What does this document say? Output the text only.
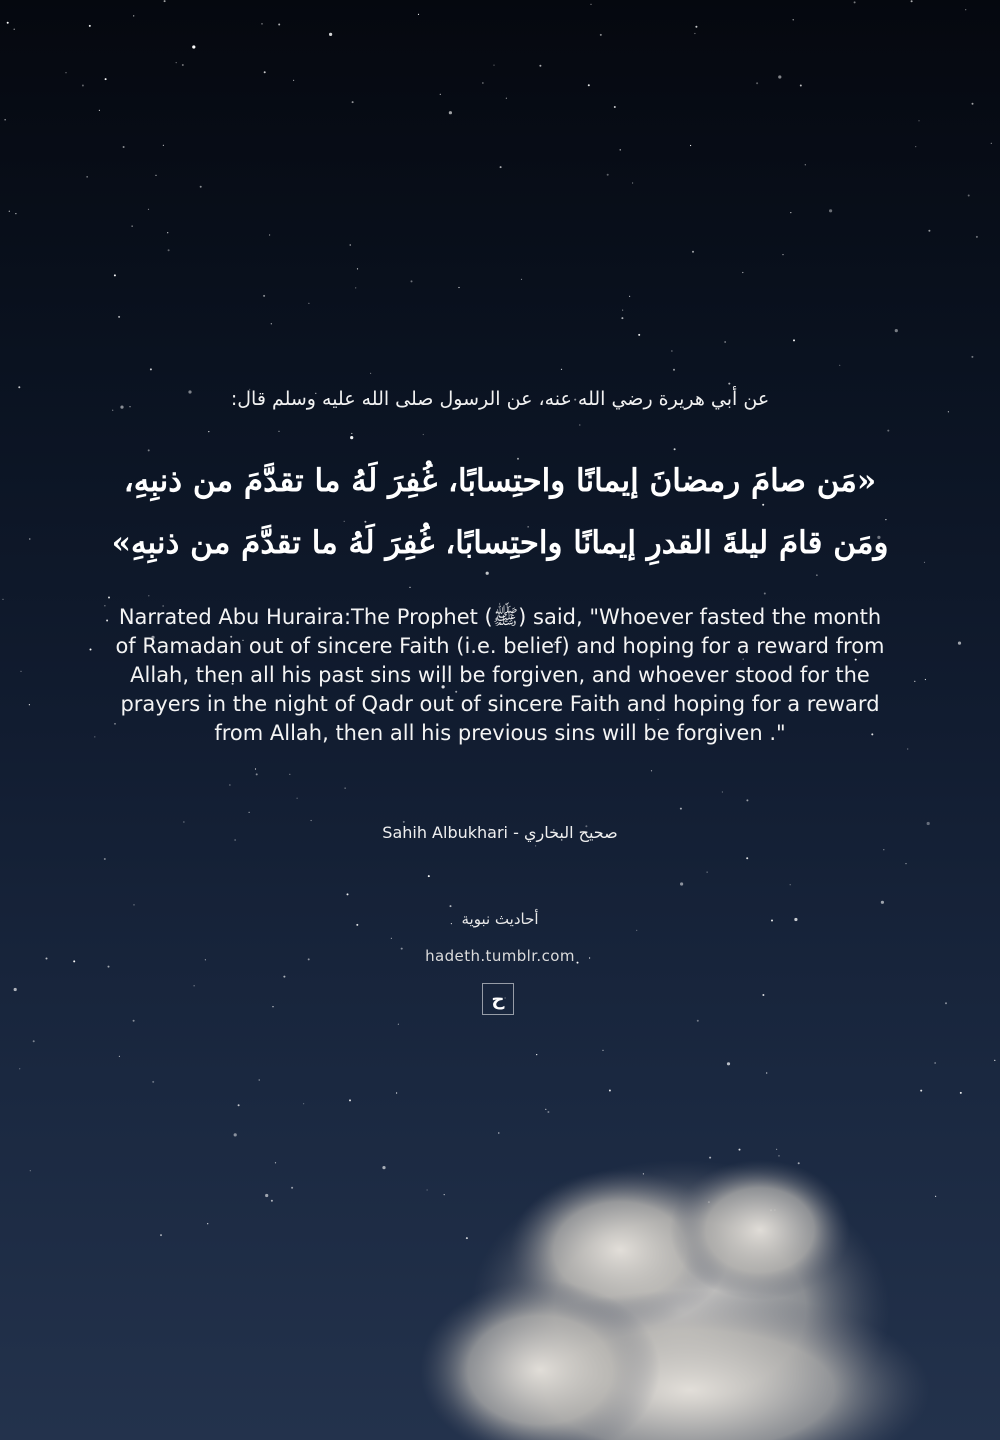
عن أبي هريرة رضي الله عنه، عن الرسول صلى الله عليه وسلم قال:
«مَن صامَ رمضانَ إيمانًا واحتِسابًا، غُفِرَ لَهُ ما تقدَّمَ من ذنبِهِ،
ومَن قامَ ليلةَ القدرِ إيمانًا واحتِسابًا، غُفِرَ لَهُ ما تقدَّمَ من ذنبِهِ»
Narrated Abu Huraira:The Prophet (ﷺ) said, "Whoever fasted the month of Ramadan out of sincere Faith (i.e. belief) and hoping for a reward from Allah, then all his past sins will be forgiven, and whoever stood for the prayers in the night of Qadr out of sincere Faith and hoping for a reward from Allah, then all his previous sins will be forgiven ."
Sahih Albukhari - صحيح البخاري
أحاديث نبوية
hadeth.tumblr.com
ح
